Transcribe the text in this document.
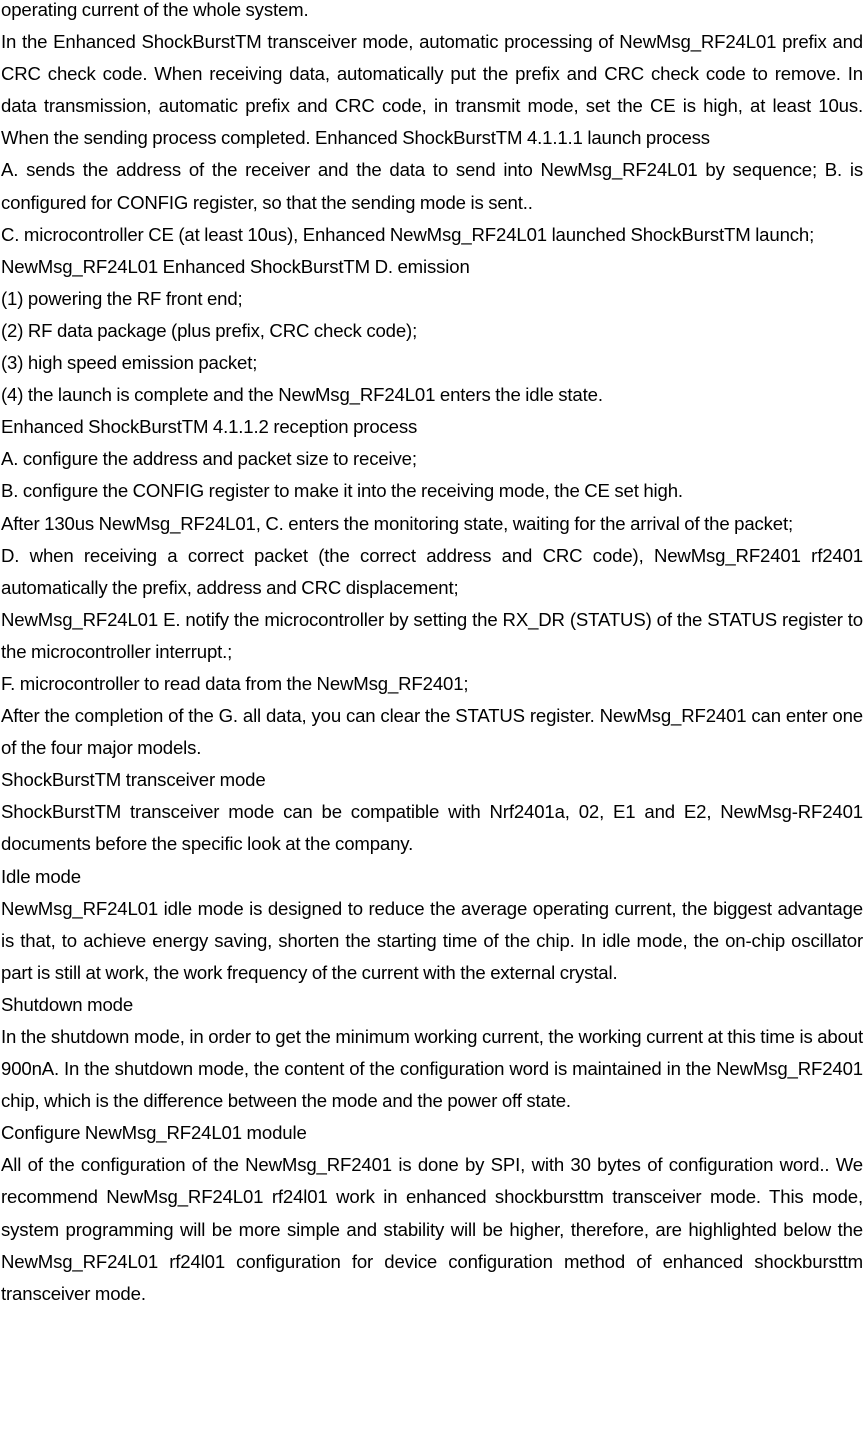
operating current of the whole system.

In the Enhanced ShockBurstTM transceiver mode, automatic processing of NewMsg_RF24L01 prefix and CRC check code. When receiving data, automatically put the prefix and CRC check code to remove. In data transmission, automatic prefix and CRC code, in transmit mode, set the CE is high, at least 10us. When the sending process completed. Enhanced ShockBurstTM 4.1.1.1 launch process

A. sends the address of the receiver and the data to send into NewMsg_RF24L01 by sequence; B. is configured for CONFIG register, so that the sending mode is sent..

C. microcontroller CE (at least 10us), Enhanced NewMsg_RF24L01 launched ShockBurstTM launch;

NewMsg_RF24L01 Enhanced ShockBurstTM D. emission

(1) powering the RF front end;

(2) RF data package (plus prefix, CRC check code);

(3) high speed emission packet;

(4) the launch is complete and the NewMsg_RF24L01 enters the idle state.

Enhanced ShockBurstTM 4.1.1.2 reception process

A. configure the address and packet size to receive;

B. configure the CONFIG register to make it into the receiving mode, the CE set high.

After 130us NewMsg_RF24L01, C. enters the monitoring state, waiting for the arrival of the packet;

D. when receiving a correct packet (the correct address and CRC code), NewMsg_RF2401 rf2401 automatically the prefix, address and CRC displacement;

NewMsg_RF24L01 E. notify the microcontroller by setting the RX_DR (STATUS) of the STATUS register to the microcontroller interrupt.;

F. microcontroller to read data from the NewMsg_RF2401;

After the completion of the G. all data, you can clear the STATUS register. NewMsg_RF2401 can enter one of the four major models.

ShockBurstTM transceiver mode

ShockBurstTM transceiver mode can be compatible with Nrf2401a, 02, E1 and E2, NewMsg-RF2401 documents before the specific look at the company.

Idle mode

NewMsg_RF24L01 idle mode is designed to reduce the average operating current, the biggest advantage is that, to achieve energy saving, shorten the starting time of the chip. In idle mode, the on-chip oscillator part is still at work, the work frequency of the current with the external crystal.

Shutdown mode

In the shutdown mode, in order to get the minimum working current, the working current at this time is about 900nA. In the shutdown mode, the content of the configuration word is maintained in the NewMsg_RF2401 chip, which is the difference between the mode and the power off state.

Configure NewMsg_RF24L01 module

All of the configuration of the NewMsg_RF2401 is done by SPI, with 30 bytes of configuration word.. We recommend NewMsg_RF24L01 rf24l01 work in enhanced shockbursttm transceiver mode. This mode, system programming will be more simple and stability will be higher, therefore, are highlighted below the NewMsg_RF24L01 rf24l01 configuration for device configuration method of enhanced shockbursttm transceiver mode.
